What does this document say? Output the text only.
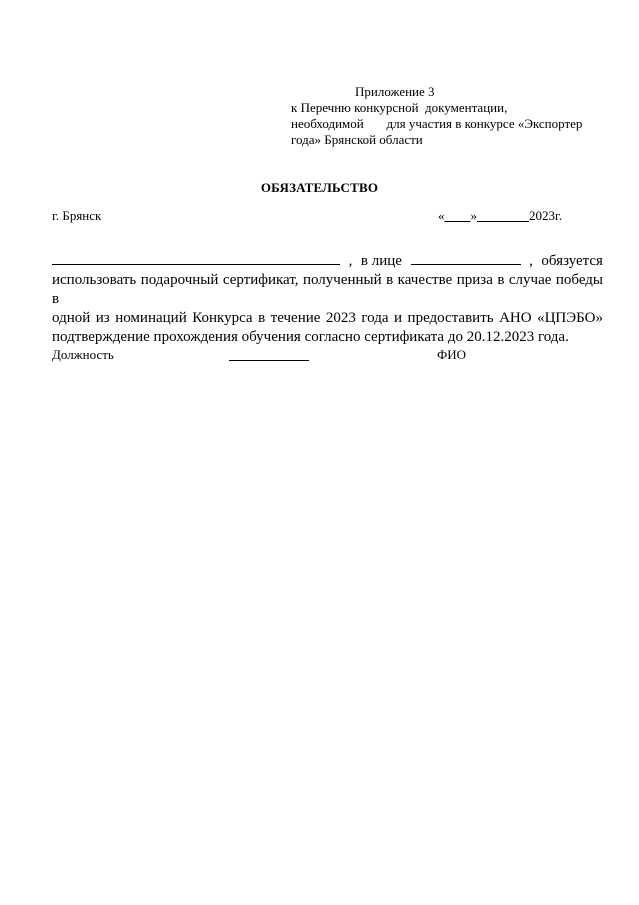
Приложение 3
к Перечню конкурсной  документации,
необходимой       для участия в конкурсе «Экспортер
года» Брянской области
ОБЯЗАТЕЛЬСТВО
г. Брянск	«____»________2023г.
, в лице	, обязуется
использовать подарочный сертификат, полученный в качестве приза в случае победы в
одной из номинаций Конкурса в течение 2023 года и предоставить АНО «ЦПЭБО»
подтверждение прохождения обучения согласно сертификата до 20.12.2023 года.
Должность	ФИО
